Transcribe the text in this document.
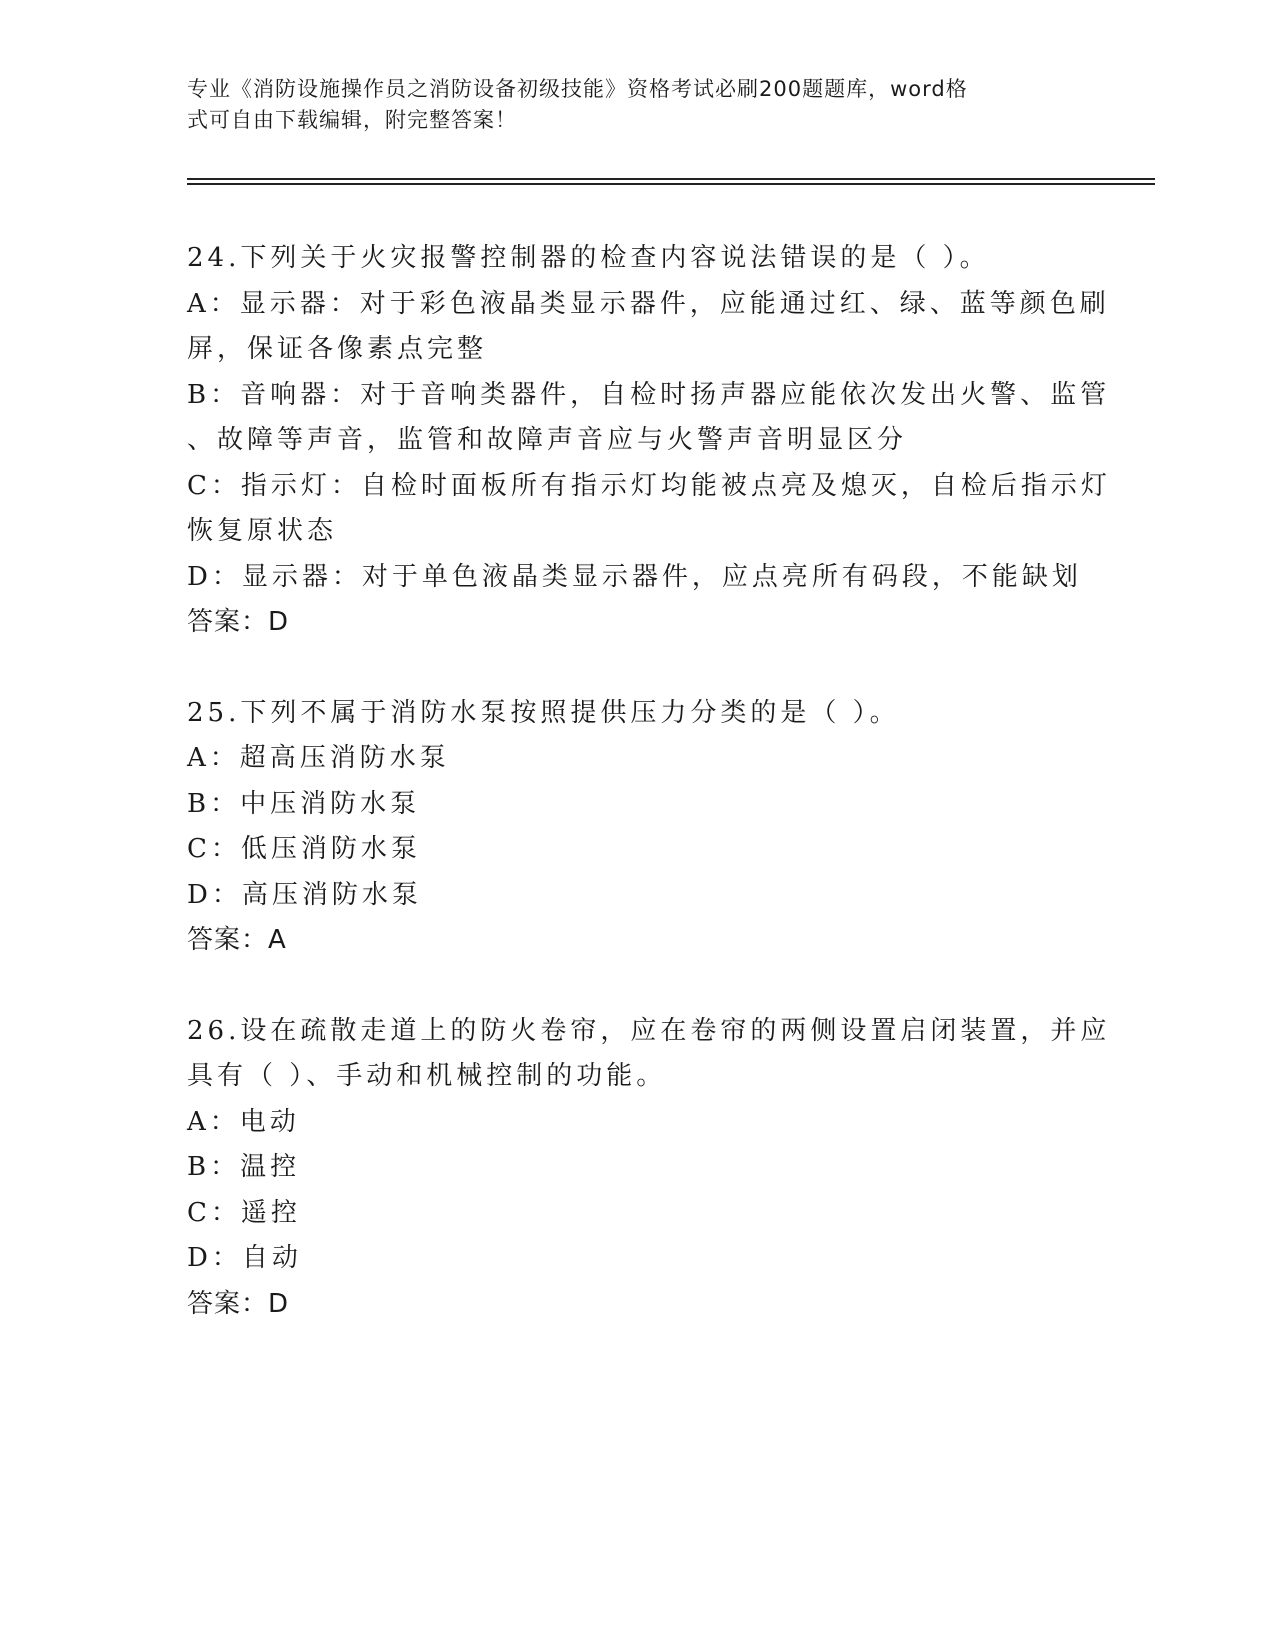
专业《消防设施操作员之消防设备初级技能》资格考试必刷200题题库，word格
式可自由下载编辑，附完整答案！
24.下列关于火灾报警控制器的检查内容说法错误的是（ ）。
A：显示器：对于彩色液晶类显示器件，应能通过红、绿、蓝等颜色刷
屏，保证各像素点完整
B：音响器：对于音响类器件，自检时扬声器应能依次发出火警、监管
、故障等声音，监管和故障声音应与火警声音明显区分
C：指示灯：自检时面板所有指示灯均能被点亮及熄灭，自检后指示灯
恢复原状态
D：显示器：对于单色液晶类显示器件，应点亮所有码段，不能缺划
答案：D
25.下列不属于消防水泵按照提供压力分类的是（ ）。
A：超高压消防水泵
B：中压消防水泵
C：低压消防水泵
D：高压消防水泵
答案：A
26.设在疏散走道上的防火卷帘，应在卷帘的两侧设置启闭装置，并应
具有（ ）、手动和机械控制的功能。
A：电动
B：温控
C：遥控
D：自动
答案：D
